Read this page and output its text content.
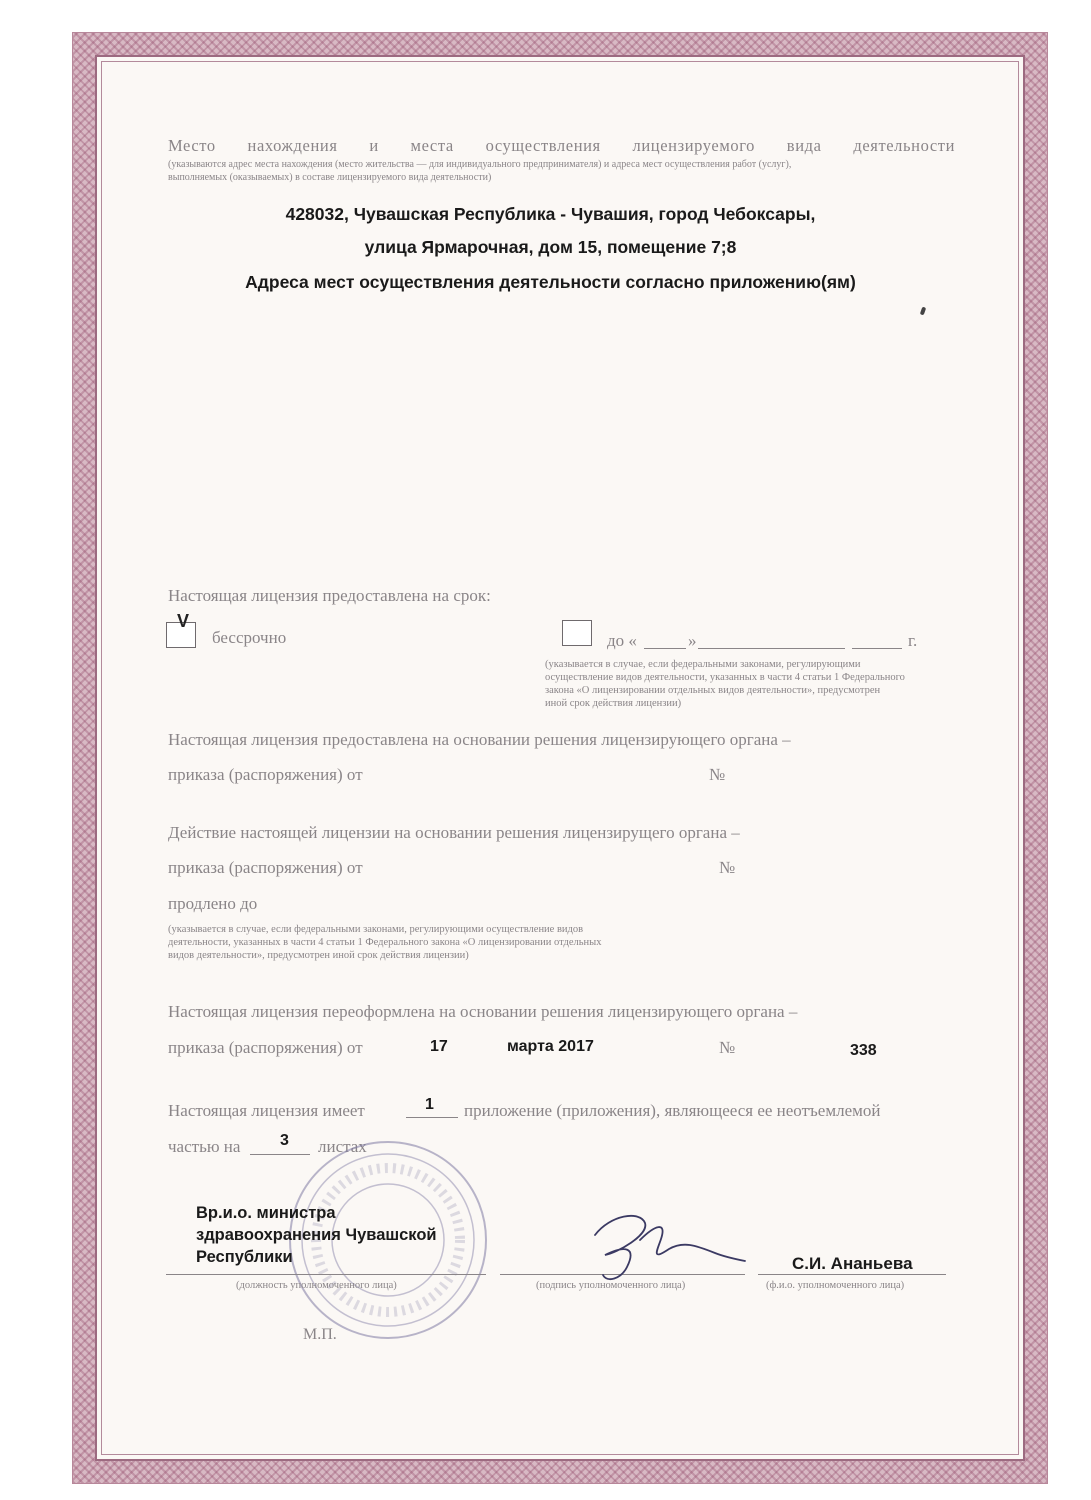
Место нахождения и места осуществления лицензируемого вида деятельности
(указываются адрес места нахождения (место жительства — для индивидуального предпринимателя) и адреса мест осуществления работ (услуг),
выполняемых (оказываемых) в составе лицензируемого вида деятельности)
428032, Чувашская Республика - Чувашия, город Чебоксары,
улица Ярмарочная, дом 15, помещение 7;8
Адреса мест осуществления деятельности согласно приложению(ям)
Настоящая лицензия предоставлена на срок:
V
бессрочно	до «	»	г.
(указывается в случае, если федеральными законами, регулирующими
осуществление видов деятельности, указанных в части 4 статьи 1 Федерального
закона «О лицензировании отдельных видов деятельности», предусмотрен
иной срок действия лицензии)
Настоящая лицензия предоставлена на основании решения лицензирующего органа –
приказа (распоряжения) от	№
Действие настоящей лицензии на основании решения лицензирущего органа –
приказа (распоряжения) от	№
продлено до
(указывается в случае, если федеральными законами, регулирующими осуществление видов
деятельности, указанных в части 4 статьи 1 Федерального закона «О лицензировании отдельных
видов деятельности», предусмотрен иной срок действия лицензии)
Настоящая лицензия переоформлена на основании решения лицензирующего органа –
приказа (распоряжения) от	17	марта 2017	№	338
Настоящая лицензия имеет	1 приложение (приложения), являющееся ее неотъемлемой
частью на 3 листах
М.П.
Вр.и.о. министра
здравоохранения Чувашской
Республики	С.И. Ананьева
(должность уполномоченного лица)	(подпись уполномоченного лица)	(ф.и.о. уполномоченного лица)
